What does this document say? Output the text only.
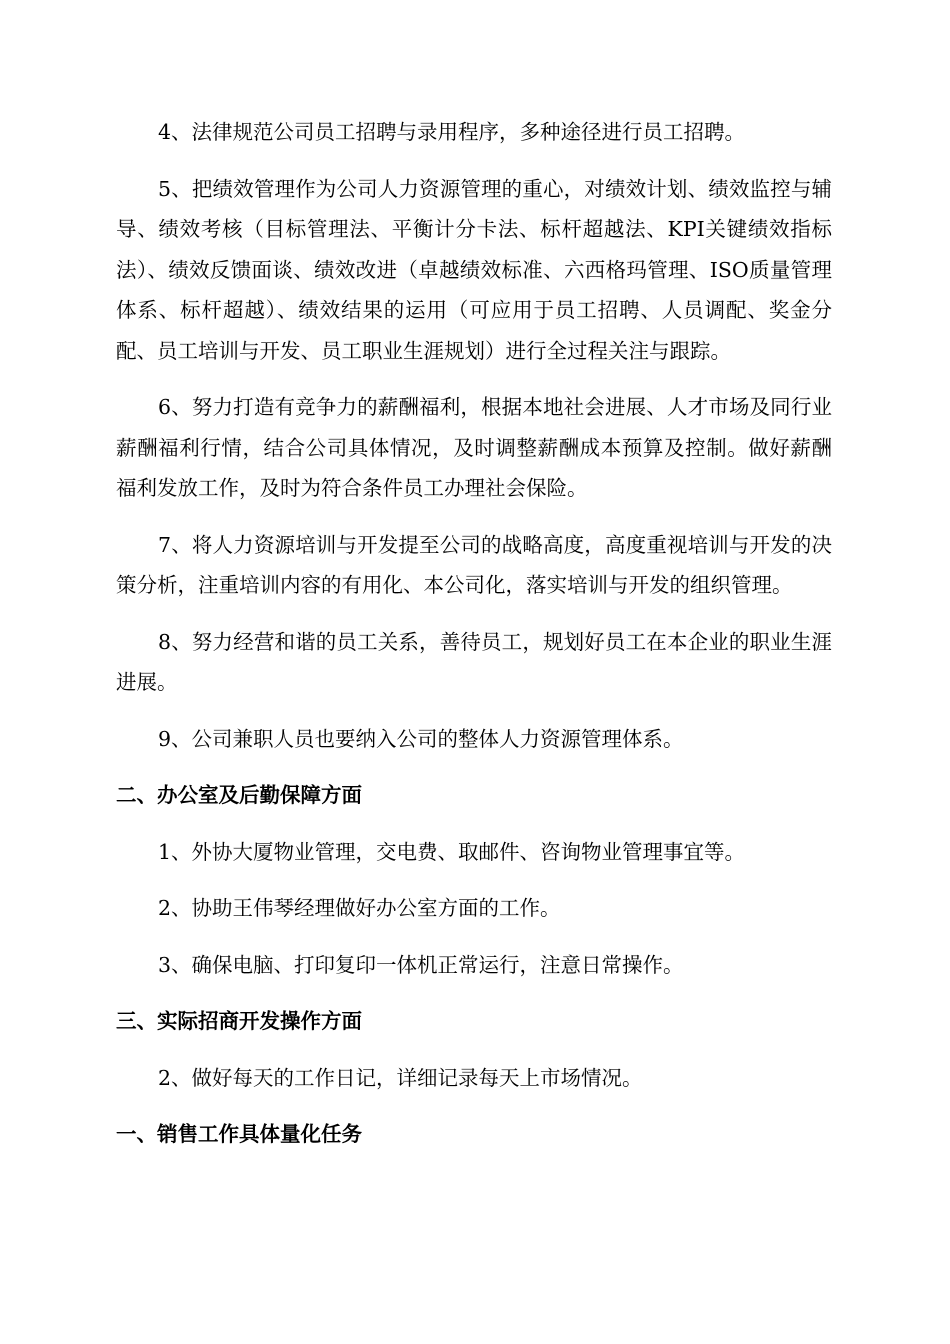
4、法律规范公司员工招聘与录用程序，多种途径进行员工招聘。

5、把绩效管理作为公司人力资源管理的重心，对绩效计划、绩效监控与辅导、绩效考核（目标管理法、平衡计分卡法、标杆超越法、KPI关键绩效指标法）、绩效反馈面谈、绩效改进（卓越绩效标准、六西格玛管理、ISO质量管理体系、标杆超越）、绩效结果的运用（可应用于员工招聘、人员调配、奖金分配、员工培训与开发、员工职业生涯规划）进行全过程关注与跟踪。

6、努力打造有竞争力的薪酬福利，根据本地社会进展、人才市场及同行业薪酬福利行情，结合公司具体情况，及时调整薪酬成本预算及控制。做好薪酬福利发放工作，及时为符合条件员工办理社会保险。

7、将人力资源培训与开发提至公司的战略高度，高度重视培训与开发的决策分析，注重培训内容的有用化、本公司化，落实培训与开发的组织管理。

8、努力经营和谐的员工关系，善待员工，规划好员工在本企业的职业生涯进展。

9、公司兼职人员也要纳入公司的整体人力资源管理体系。

二、办公室及后勤保障方面

1、外协大厦物业管理，交电费、取邮件、咨询物业管理事宜等。

2、协助王伟琴经理做好办公室方面的工作。

3、确保电脑、打印复印一体机正常运行，注意日常操作。

三、实际招商开发操作方面

2、做好每天的工作日记，详细记录每天上市场情况。

一、销售工作具体量化任务
